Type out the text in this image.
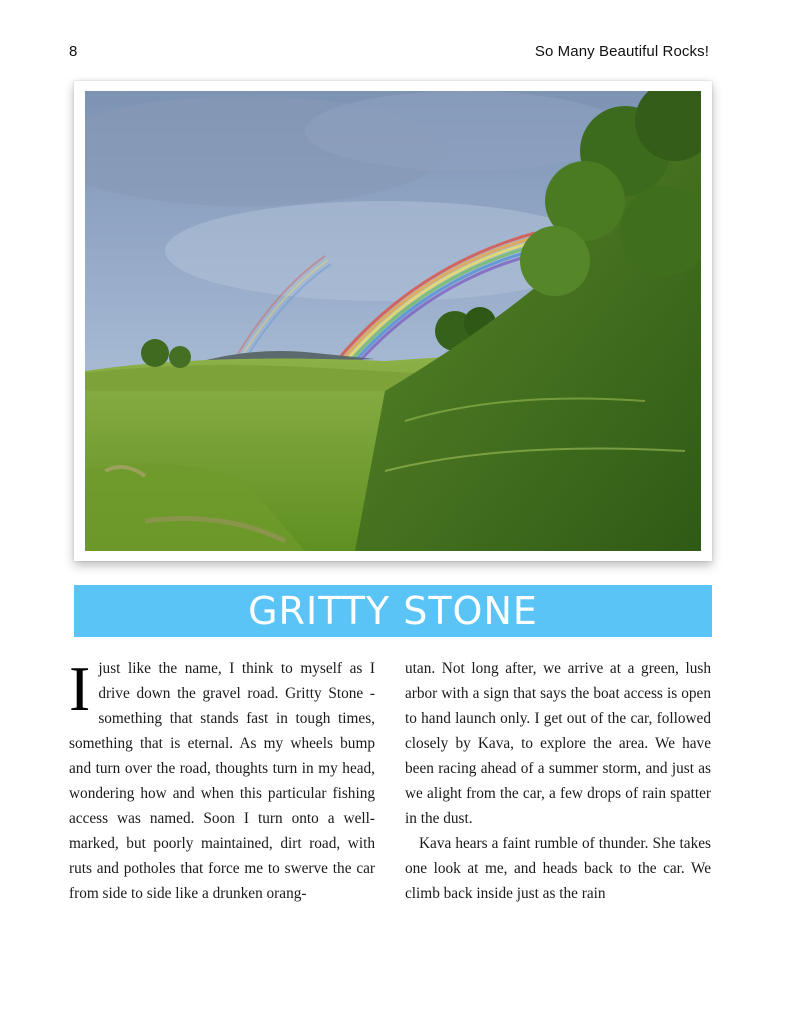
8	So Many Beautiful Rocks!
GRITTY STONE

I just like the name, I think to myself as I drive down the gravel road. Gritty Stone - something that stands fast in tough times, something that is eternal. As my wheels bump and turn over the road, thoughts turn in my head, wondering how and when this particular fishing access was named. Soon I turn onto a well-marked, but poorly maintained, dirt road, with ruts and potholes that force me to swerve the car from side to side like a drunken orang-

utan. Not long after, we arrive at a green, lush arbor with a sign that says the boat access is open to hand launch only. I get out of the car, followed closely by Kava, to explore the area. We have been racing ahead of a summer storm, and just as we alight from the car, a few drops of rain spatter in the dust.

Kava hears a faint rumble of thunder. She takes one look at me, and heads back to the car. We climb back inside just as the rain
